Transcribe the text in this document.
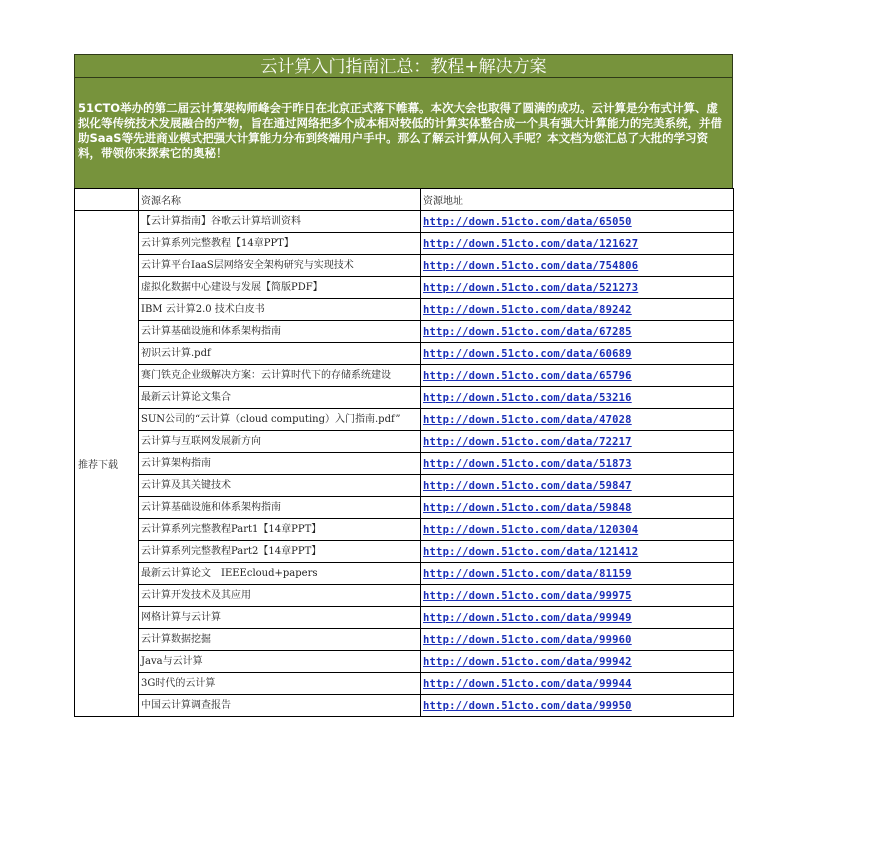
云计算入门指南汇总：教程+解决方案
51CTO举办的第二届云计算架构师峰会于昨日在北京正式落下帷幕。本次大会也取得了圆满的成功。云计算是分布式计算、虚拟化等传统技术发展融合的产物，旨在通过网络把多个成本相对较低的计算实体整合成一个具有强大计算能力的完美系统，并借助SaaS等先进商业模式把强大计算能力分布到终端用户手中。那么了解云计算从何入手呢？本文档为您汇总了大批的学习资料，带领你来探索它的奥秘！
	资源名称	资源地址
推荐下载	【云计算指南】谷歌云计算培训资料	http://down.51cto.com/data/65050
	云计算系列完整教程【14章PPT】	http://down.51cto.com/data/121627
	云计算平台IaaS层网络安全架构研究与实现技术	http://down.51cto.com/data/754806
	虚拟化数据中心建设与发展【简版PDF】	http://down.51cto.com/data/521273
	IBM 云计算2.0 技术白皮书	http://down.51cto.com/data/89242
	云计算基础设施和体系架构指南	http://down.51cto.com/data/67285
	初识云计算.pdf	http://down.51cto.com/data/60689
	赛门铁克企业级解决方案：云计算时代下的存储系统建设	http://down.51cto.com/data/65796
	最新云计算论文集合	http://down.51cto.com/data/53216
	SUN公司的“云计算（cloud computing）入门指南.pdf”	http://down.51cto.com/data/47028
	云计算与互联网发展新方向	http://down.51cto.com/data/72217
	云计算架构指南	http://down.51cto.com/data/51873
	云计算及其关键技术	http://down.51cto.com/data/59847
	云计算基础设施和体系架构指南	http://down.51cto.com/data/59848
	云计算系列完整教程Part1【14章PPT】	http://down.51cto.com/data/120304
	云计算系列完整教程Part2【14章PPT】	http://down.51cto.com/data/121412
	最新云计算论文　IEEEcloud+papers	http://down.51cto.com/data/81159
	云计算开发技术及其应用	http://down.51cto.com/data/99975
	网格计算与云计算	http://down.51cto.com/data/99949
	云计算数据挖掘	http://down.51cto.com/data/99960
	Java与云计算	http://down.51cto.com/data/99942
	3G时代的云计算	http://down.51cto.com/data/99944
	中国云计算调查报告	http://down.51cto.com/data/99950
